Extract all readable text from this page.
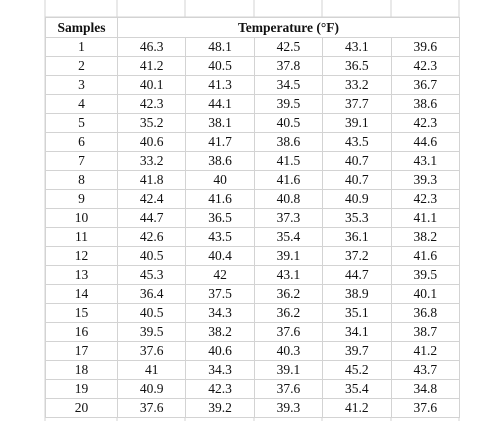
Samples	Temperature (°F)				
1	46.3	48.1	42.5	43.1	39.6
2	41.2	40.5	37.8	36.5	42.3
3	40.1	41.3	34.5	33.2	36.7
4	42.3	44.1	39.5	37.7	38.6
5	35.2	38.1	40.5	39.1	42.3
6	40.6	41.7	38.6	43.5	44.6
7	33.2	38.6	41.5	40.7	43.1
8	41.8	40	41.6	40.7	39.3
9	42.4	41.6	40.8	40.9	42.3
10	44.7	36.5	37.3	35.3	41.1
11	42.6	43.5	35.4	36.1	38.2
12	40.5	40.4	39.1	37.2	41.6
13	45.3	42	43.1	44.7	39.5
14	36.4	37.5	36.2	38.9	40.1
15	40.5	34.3	36.2	35.1	36.8
16	39.5	38.2	37.6	34.1	38.7
17	37.6	40.6	40.3	39.7	41.2
18	41	34.3	39.1	45.2	43.7
19	40.9	42.3	37.6	35.4	34.8
20	37.6	39.2	39.3	41.2	37.6
